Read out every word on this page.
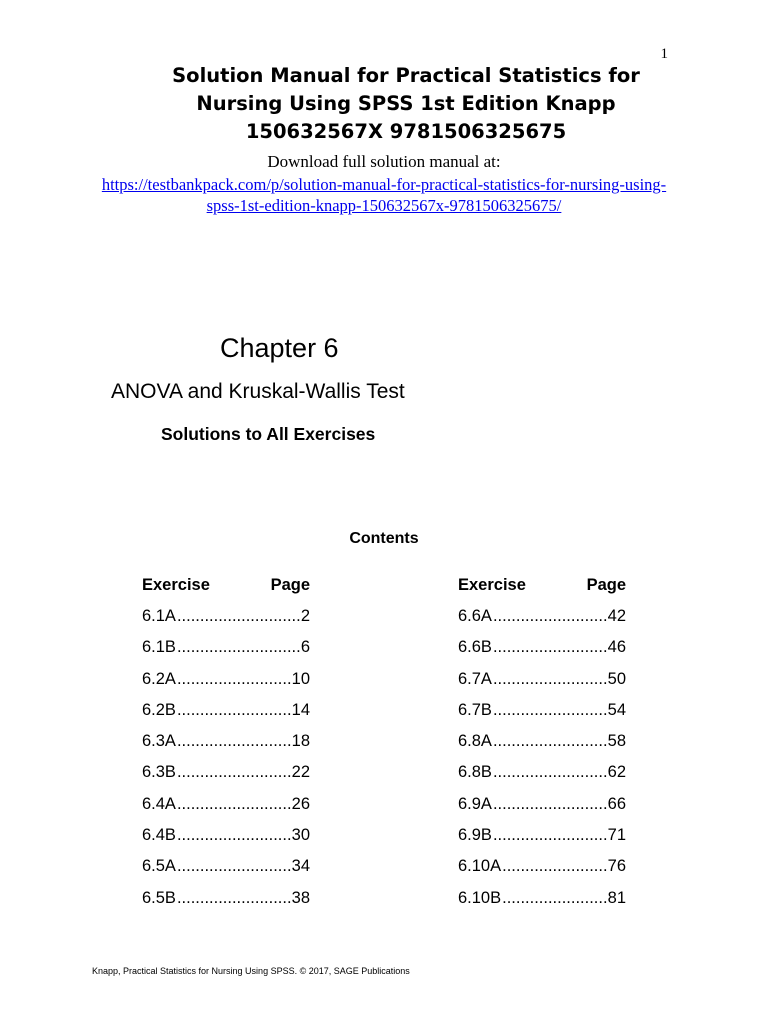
1
Solution Manual for Practical Statistics for
Nursing Using SPSS 1st Edition Knapp
150632567X 9781506325675
Download full solution manual at:
https://testbankpack.com/p/solution-manual-for-practical-statistics-for-nursing-using-spss-1st-edition-knapp-150632567x-9781506325675/
Chapter 6
ANOVA and Kruskal-Wallis Test
Solutions to All Exercises
Contents
Exercise	Page
6.1A .....	2
6.1B .....	6
6.2A .....	10
6.2B .....	14
6.3A .....	18
6.3B .....	22
6.4A .....	26
6.4B .....	30
6.5A .....	34
6.5B .....	38
Exercise	Page
6.6A .....	42
6.6B .....	46
6.7A .....	50
6.7B .....	54
6.8A .....	58
6.8B .....	62
6.9A .....	66
6.9B .....	71
6.10A .....	76
6.10B .....	81
Knapp, Practical Statistics for Nursing Using SPSS. © 2017, SAGE Publications
